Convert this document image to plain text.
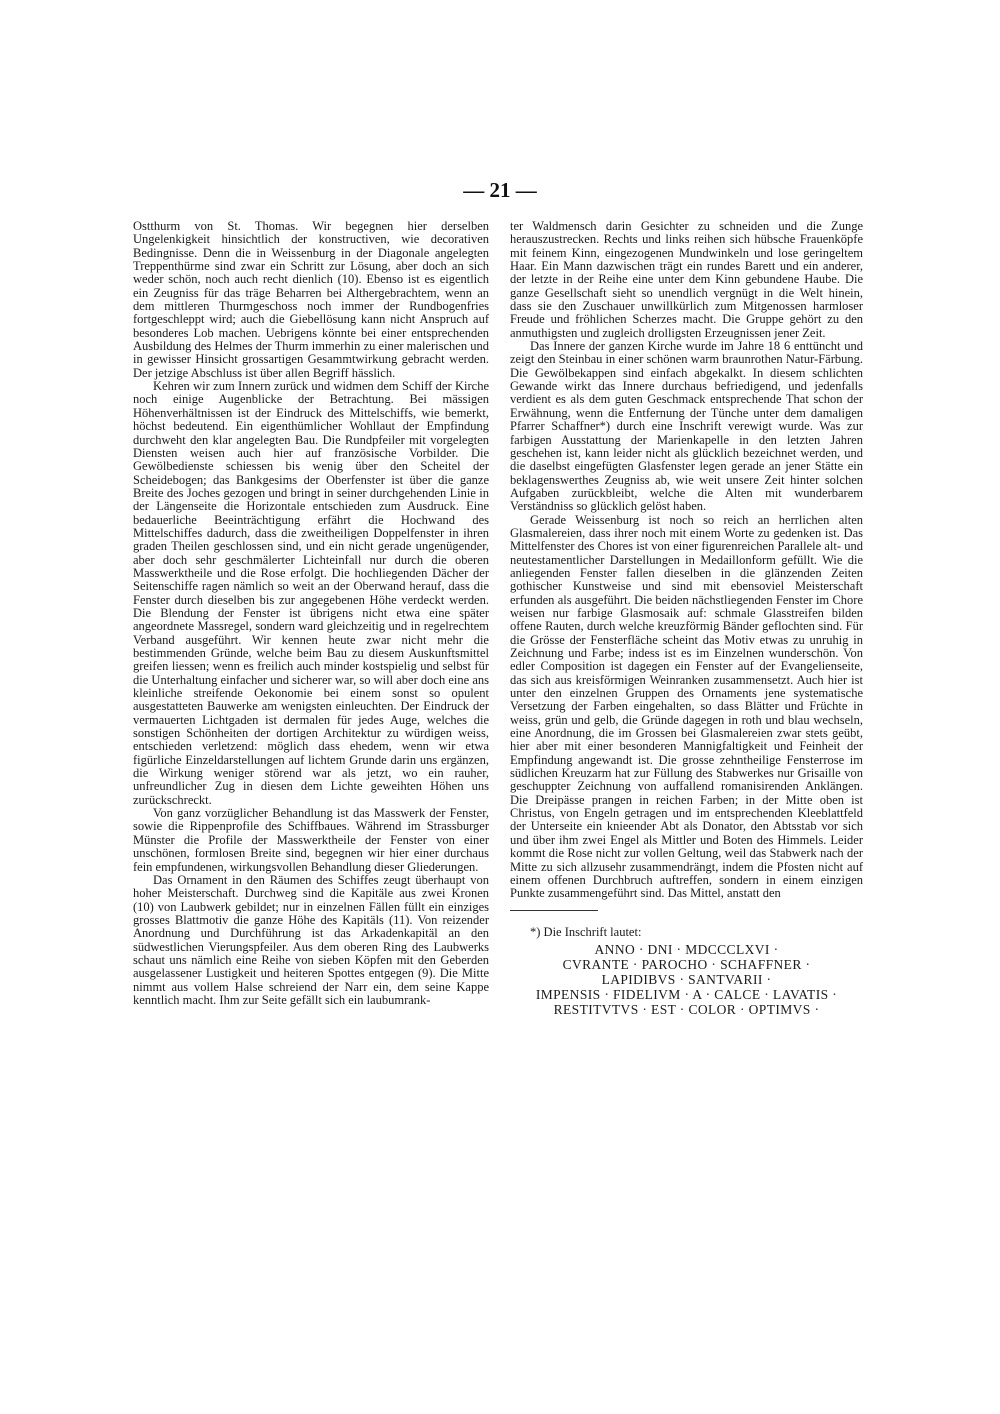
— 21 —

Ostthurm von St. Thomas. Wir begegnen hier derselben Ungelenkigkeit hinsichtlich der konstructiven, wie decorativen Bedingnisse. Denn die in Weissenburg in der Diagonale angelegten Treppenthürme sind zwar ein Schritt zur Lösung, aber doch an sich weder schön, noch auch recht dienlich (10). Ebenso ist es eigentlich ein Zeugniss für das träge Beharren bei Althergebrachtem, wenn an dem mittleren Thurmgeschoss noch immer der Rundbogenfries fortgeschleppt wird; auch die Giebellösung kann nicht Anspruch auf besonderes Lob machen. Uebrigens könnte bei einer entsprechenden Ausbildung des Helmes der Thurm immerhin zu einer malerischen und in gewisser Hinsicht grossartigen Gesammtwirkung gebracht werden. Der jetzige Abschluss ist über allen Begriff hässlich.

Kehren wir zum Innern zurück und widmen dem Schiff der Kirche noch einige Augenblicke der Betrachtung. Bei mässigen Höhenverhältnissen ist der Eindruck des Mittelschiffs, wie bemerkt, höchst bedeutend. Ein eigenthümlicher Wohllaut der Empfindung durchweht den klar angelegten Bau. Die Rundpfeiler mit vorgelegten Diensten weisen auch hier auf französische Vorbilder. Die Gewölbedienste schiessen bis wenig über den Scheitel der Scheidebogen; das Bankgesims der Oberfenster ist über die ganze Breite des Joches gezogen und bringt in seiner durchgehenden Linie in der Längenseite die Horizontale entschieden zum Ausdruck. Eine bedauerliche Beeinträchtigung erfährt die Hochwand des Mittelschiffes dadurch, dass die zweitheiligen Doppelfenster in ihren graden Theilen geschlossen sind, und ein nicht gerade ungenügender, aber doch sehr geschmälerter Lichteinfall nur durch die oberen Masswerktheile und die Rose erfolgt. Die hochliegenden Dächer der Seitenschiffe ragen nämlich so weit an der Oberwand herauf, dass die Fenster durch dieselben bis zur angegebenen Höhe verdeckt werden. Die Blendung der Fenster ist übrigens nicht etwa eine später angeordnete Massregel, sondern ward gleichzeitig und in regelrechtem Verband ausgeführt. Wir kennen heute zwar nicht mehr die bestimmenden Gründe, welche beim Bau zu diesem Auskunftsmittel greifen liessen; wenn es freilich auch minder kostspielig und selbst für die Unterhaltung einfacher und sicherer war, so will aber doch eine ans kleinliche streifende Oekonomie bei einem sonst so opulent ausgestatteten Bauwerke am wenigsten einleuchten. Der Eindruck der vermauerten Lichtgaden ist dermalen für jedes Auge, welches die sonstigen Schönheiten der dortigen Architektur zu würdigen weiss, entschieden verletzend: möglich dass ehedem, wenn wir etwa figürliche Einzeldarstellungen auf lichtem Grunde darin uns ergänzen, die Wirkung weniger störend war als jetzt, wo ein rauher, unfreundlicher Zug in diesen dem Lichte geweihten Höhen uns zurückschreckt.

Von ganz vorzüglicher Behandlung ist das Masswerk der Fenster, sowie die Rippenprofile des Schiffbaues. Während im Strassburger Münster die Profile der Masswerktheile der Fenster von einer unschönen, formlosen Breite sind, begegnen wir hier einer durchaus fein empfundenen, wirkungsvollen Behandlung dieser Gliederungen.

Das Ornament in den Räumen des Schiffes zeugt überhaupt von hoher Meisterschaft. Durchweg sind die Kapitäle aus zwei Kronen (10) von Laubwerk gebildet; nur in einzelnen Fällen füllt ein einziges grosses Blattmotiv die ganze Höhe des Kapitäls (11). Von reizender Anordnung und Durchführung ist das Arkadenkapitäl an den südwestlichen Vierungspfeiler. Aus dem oberen Ring des Laubwerks schaut uns nämlich eine Reihe von sieben Köpfen mit den Geberden ausgelassener Lustigkeit und heiteren Spottes entgegen (9). Die Mitte nimmt aus vollem Halse schreiend der Narr ein, dem seine Kappe kenntlich macht. Ihm zur Seite gefällt sich ein laubumrank-

ter Waldmensch darin Gesichter zu schneiden und die Zunge herauszustrecken. Rechts und links reihen sich hübsche Frauenköpfe mit feinem Kinn, eingezogenen Mundwinkeln und lose geringeltem Haar. Ein Mann dazwischen trägt ein rundes Barett und ein anderer, der letzte in der Reihe eine unter dem Kinn gebundene Haube. Die ganze Gesellschaft sieht so unendlich vergnügt in die Welt hinein, dass sie den Zuschauer unwillkürlich zum Mitgenossen harmloser Freude und fröhlichen Scherzes macht. Die Gruppe gehört zu den anmuthigsten und zugleich drolligsten Erzeugnissen jener Zeit.

Das Innere der ganzen Kirche wurde im Jahre 18 6 enttüncht und zeigt den Steinbau in einer schönen warm braunrothen Natur-Färbung. Die Gewölbekappen sind einfach abgekalkt. In diesem schlichten Gewande wirkt das Innere durchaus befriedigend, und jedenfalls verdient es als dem guten Geschmack entsprechende That schon der Erwähnung, wenn die Entfernung der Tünche unter dem damaligen Pfarrer Schaffner*) durch eine Inschrift verewigt wurde. Was zur farbigen Ausstattung der Marienkapelle in den letzten Jahren geschehen ist, kann leider nicht als glücklich bezeichnet werden, und die daselbst eingefügten Glasfenster legen gerade an jener Stätte ein beklagenswerthes Zeugniss ab, wie weit unsere Zeit hinter solchen Aufgaben zurückbleibt, welche die Alten mit wunderbarem Verständniss so glücklich gelöst haben.

Gerade Weissenburg ist noch so reich an herrlichen alten Glasmalereien, dass ihrer noch mit einem Worte zu gedenken ist. Das Mittelfenster des Chores ist von einer figurenreichen Parallele alt- und neutestamentlicher Darstellungen in Medaillonform gefüllt. Wie die anliegenden Fenster fallen dieselben in die glänzenden Zeiten gothischer Kunstweise und sind mit ebensoviel Meisterschaft erfunden als ausgeführt. Die beiden nächstliegenden Fenster im Chore weisen nur farbige Glasmosaik auf: schmale Glasstreifen bilden offene Rauten, durch welche kreuzförmig Bänder geflochten sind. Für die Grösse der Fensterfläche scheint das Motiv etwas zu unruhig in Zeichnung und Farbe; indess ist es im Einzelnen wunderschön. Von edler Composition ist dagegen ein Fenster auf der Evangelienseite, das sich aus kreisförmigen Weinranken zusammensetzt. Auch hier ist unter den einzelnen Gruppen des Ornaments jene systematische Versetzung der Farben eingehalten, so dass Blätter und Früchte in weiss, grün und gelb, die Gründe dagegen in roth und blau wechseln, eine Anordnung, die im Grossen bei Glasmalereien zwar stets geübt, hier aber mit einer besonderen Mannigfaltigkeit und Feinheit der Empfindung angewandt ist. Die grosse zehntheilige Fensterrose im südlichen Kreuzarm hat zur Füllung des Stabwerkes nur Grisaille von geschuppter Zeichnung von auffallend romanisirenden Anklängen. Die Dreipässe prangen in reichen Farben; in der Mitte oben ist Christus, von Engeln getragen und im entsprechenden Kleeblattfeld der Unterseite ein knieender Abt als Donator, den Abtsstab vor sich und über ihm zwei Engel als Mittler und Boten des Himmels. Leider kommt die Rose nicht zur vollen Geltung, weil das Stabwerk nach der Mitte zu sich allzusehr zusammendrängt, indem die Pfosten nicht auf einem offenen Durchbruch auftreffen, sondern in einem einzigen Punkte zusammengeführt sind. Das Mittel, anstatt den

*) Die Inschrift lautet:

ANNO · DNI · MDCCCLXVI ·
CVRANTE · PAROCHO · SCHAFFNER ·
LAPIDIBVS · SANTVARII ·
IMPENSIS · FIDELIVM · A · CALCE · LAVATIS ·
RESTITVTVS · EST · COLOR · OPTIMVS ·
